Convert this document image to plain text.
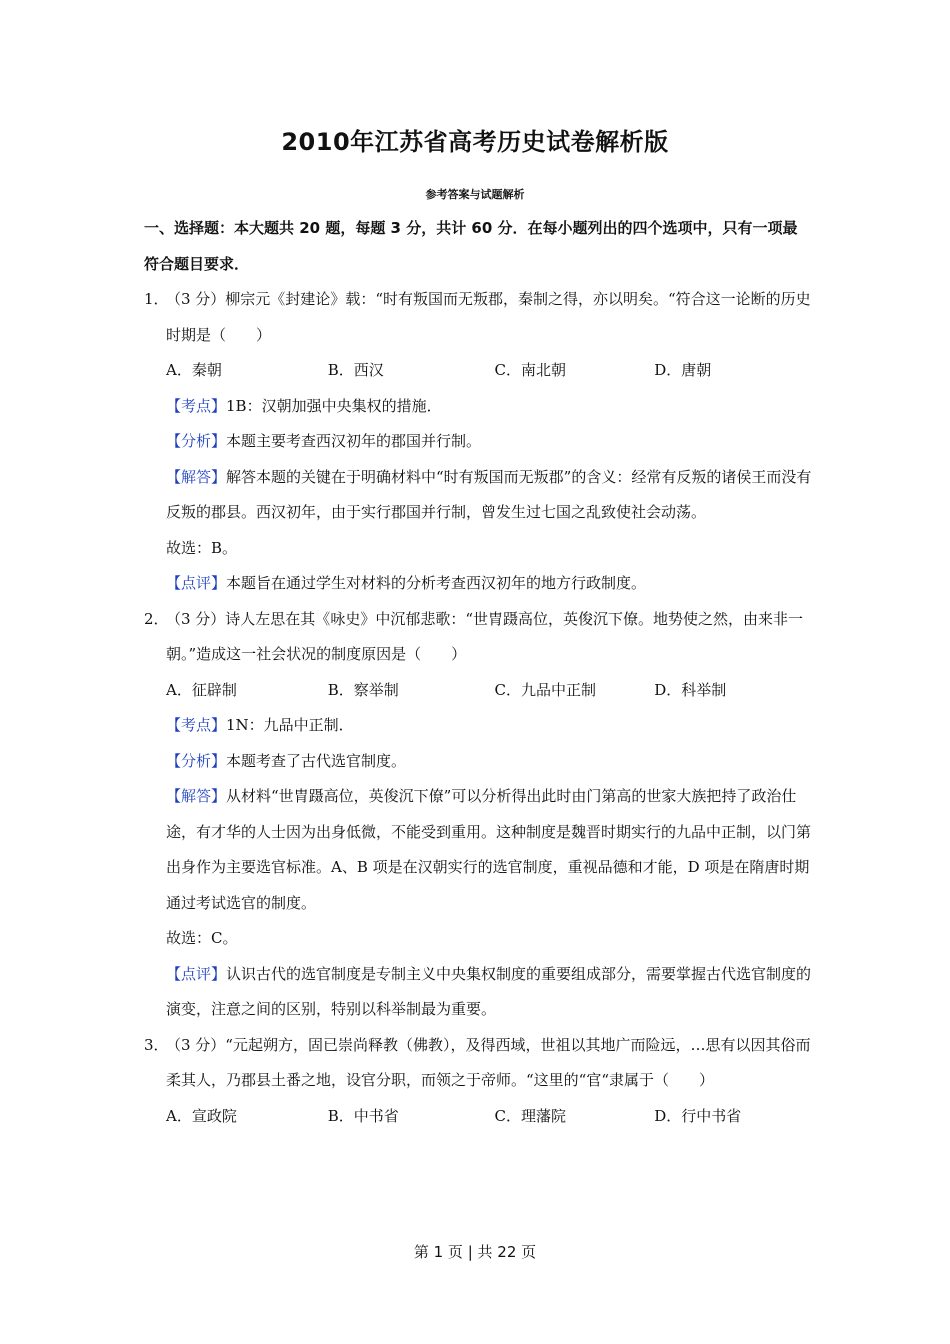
2010年江苏省高考历史试卷解析版
参考答案与试题解析
一、选择题：本大题共 20 题，每题 3 分，共计 60 分．在每小题列出的四个选项中，只有一项最符合题目要求．
1．
（3 分）柳宗元《封建论》载：“时有叛国而无叛郡，秦制之得，亦以明矣。“符合这一论断的历史时期是（　　）
A．秦朝	B．西汉	C．南北朝	D．唐朝
【考点】1B：汉朝加强中央集权的措施．
【分析】本题主要考查西汉初年的郡国并行制。
【解答】解答本题的关键在于明确材料中“时有叛国而无叛郡”的含义：经常有反叛的诸侯王而没有反叛的郡县。西汉初年，由于实行郡国并行制，曾发生过七国之乱致使社会动荡。
故选：B。
【点评】本题旨在通过学生对材料的分析考查西汉初年的地方行政制度。
2．
（3 分）诗人左思在其《咏史》中沉郁悲歌：“世胄蹑高位，英俊沉下僚。地势使之然，由来非一朝。”造成这一社会状况的制度原因是（　　）
A．征辟制	B．察举制	C．九品中正制	D．科举制
【考点】1N：九品中正制．
【分析】本题考查了古代选官制度。
【解答】从材料“世胄蹑高位，英俊沉下僚”可以分析得出此时由门第高的世家大族把持了政治仕途，有才华的人士因为出身低微，不能受到重用。这种制度是魏晋时期实行的九品中正制，以门第出身作为主要选官标准。A、B 项是在汉朝实行的选官制度，重视品德和才能，D 项是在隋唐时期通过考试选官的制度。
故选：C。
【点评】认识古代的选官制度是专制主义中央集权制度的重要组成部分，需要掌握古代选官制度的演变，注意之间的区别，特别以科举制最为重要。
3．
（3 分）“元起朔方，固已崇尚释教（佛教），及得西域，世祖以其地广而险远，…思有以因其俗而柔其人，乃郡县土番之地，设官分职，而领之于帝师。“这里的“官“隶属于（　　）
A．宣政院	B．中书省	C．理藩院	D．行中书省
第 1 页 | 共 22 页
